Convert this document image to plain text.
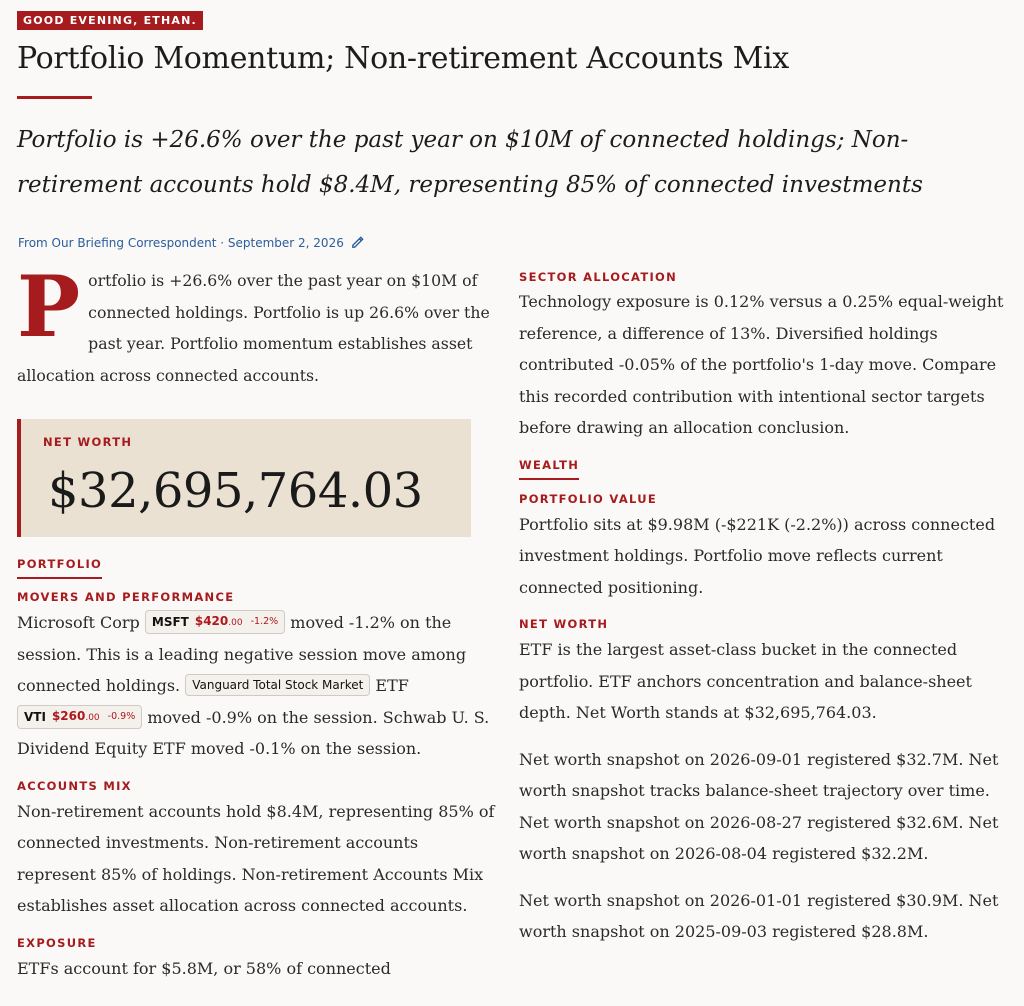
GOOD EVENING, ETHAN.
Portfolio Momentum; Non-retirement Accounts Mix

Portfolio is +26.6% over the past year on $10M of connected holdings; Non-retirement accounts hold $8.4M, representing 85% of connected investments

From Our Briefing Correspondent · September 2, 2026

Portfolio is +26.6% over the past year on $10M of connected holdings. Portfolio is up 26.6% over the past year. Portfolio momentum establishes asset allocation across connected accounts.

NET WORTH
$32,695,764.03
PORTFOLIO
MOVERS AND PERFORMANCE

Microsoft Corp MSFT $420.00 -1.2% moved -1.2% on the session. This is a leading negative session move among connected holdings. Vanguard Total Stock Market ETF
VTI $260.00 -0.9% moved -0.9% on the session. Schwab U. S. Dividend Equity ETF moved -0.1% on the session.

ACCOUNTS MIX

Non-retirement accounts hold $8.4M, representing 85% of connected investments. Non-retirement accounts represent 85% of holdings. Non-retirement Accounts Mix establishes asset allocation across connected accounts.

EXPOSURE

ETFs account for $5.8M, or 58% of connected

SECTOR ALLOCATION

Technology exposure is 0.12% versus a 0.25% equal-weight reference, a difference of 13%. Diversified holdings contributed -0.05% of the portfolio's 1-day move. Compare this recorded contribution with intentional sector targets before drawing an allocation conclusion.

WEALTH
PORTFOLIO VALUE

Portfolio sits at $9.98M (-$221K (-2.2%)) across connected investment holdings. Portfolio move reflects current connected positioning.

NET WORTH

ETF is the largest asset-class bucket in the connected portfolio. ETF anchors concentration and balance-sheet depth. Net Worth stands at $32,695,764.03.

Net worth snapshot on 2026-09-01 registered $32.7M. Net worth snapshot tracks balance-sheet trajectory over time. Net worth snapshot on 2026-08-27 registered $32.6M. Net worth snapshot on 2026-08-04 registered $32.2M.

Net worth snapshot on 2026-01-01 registered $30.9M. Net worth snapshot on 2025-09-03 registered $28.8M.
